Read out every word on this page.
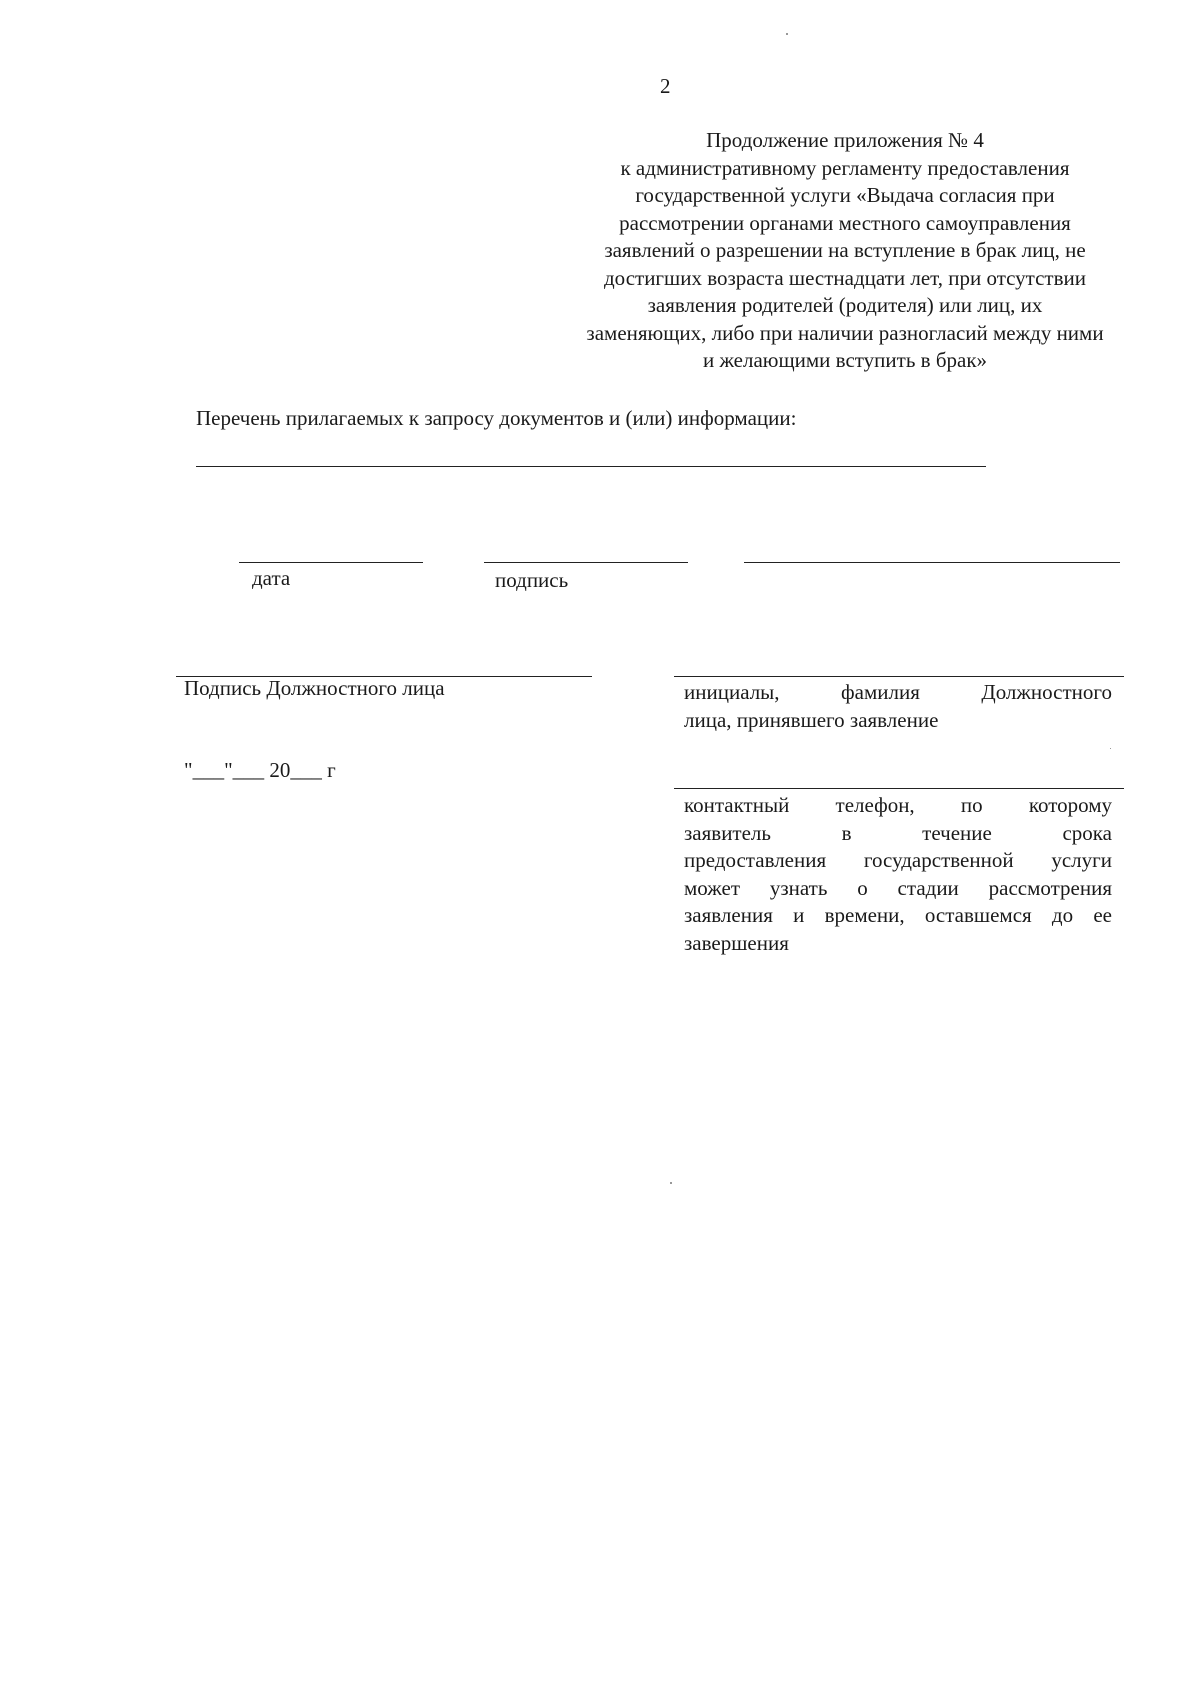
2
Продолжение приложения № 4
к административному регламенту предоставления
государственной услуги «Выдача согласия при
рассмотрении органами местного самоуправления
заявлений о разрешении на вступление в брак лиц, не
достигших возраста шестнадцати лет, при отсутствии
заявления родителей (родителя) или лиц, их
заменяющих, либо при наличии разногласий между ними
и желающими вступить в брак»
Перечень прилагаемых к запросу документов и (или) информации:
дата	подпись
Подпись Должностного лица	инициалы, фамилия Должностного
лица, принявшего заявление
"___"___ 20___ г
контактный телефон, по которому
заявитель в течение срока
предоставления государственной услуги
может узнать о стадии рассмотрения
заявления и времени, оставшемся до ее
завершения
